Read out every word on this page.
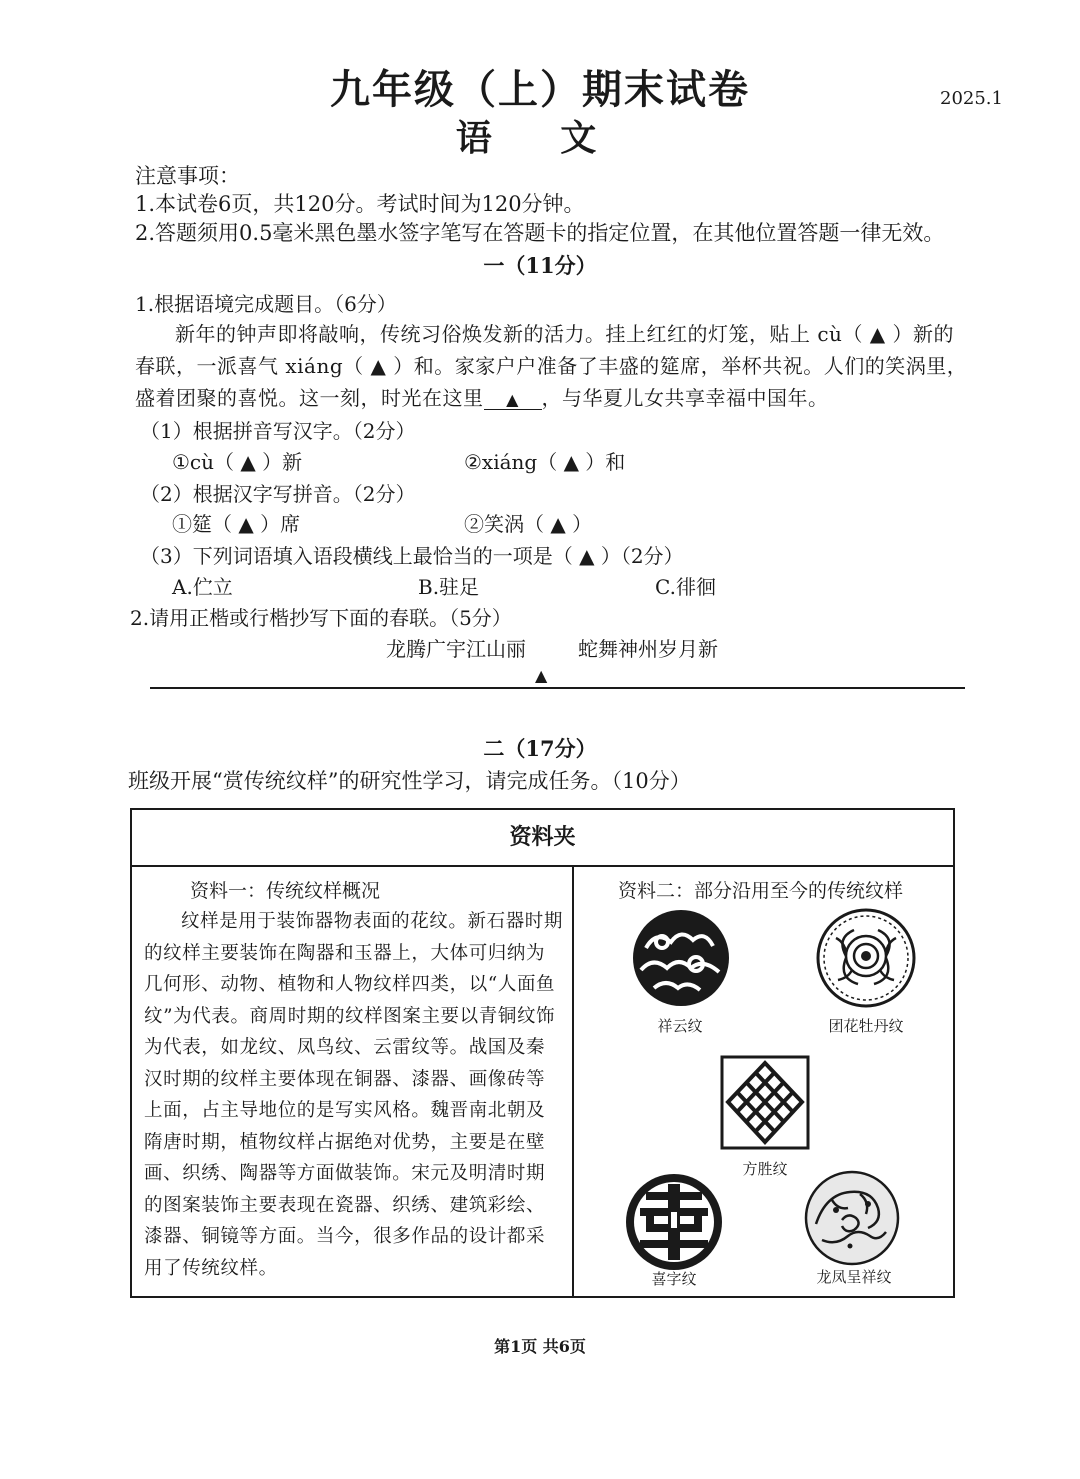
九年级（上）期末试卷
语 文
2025.1
注意事项：
1.本试卷6页，共120分。考试时间为120分钟。
2.答题须用0.5毫米黑色墨水签字笔写在答题卡的指定位置，在其他位置答题一律无效。
一（11分）
1.根据语境完成题目。（6分）
新年的钟声即将敲响，传统习俗焕发新的活力。挂上红红的灯笼，贴上 cù（ ▲ ）新的
春联，一派喜气 xiáng（ ▲ ）和。家家户户准备了丰盛的筵席，举杯共祝。人们的笑涡里，
盛着团聚的喜悦。这一刻，时光在这里 ▲ ，与华夏儿女共享幸福中国年。
（1）根据拼音写汉字。（2分）
①cù（ ▲ ）新	②xiáng（ ▲ ）和
（2）根据汉字写拼音。（2分）
①筵（ ▲ ）席	②笑涡（ ▲ ）
（3）下列词语填入语段横线上最恰当的一项是（ ▲ ）（2分）
A.伫立	B.驻足	C.徘徊
2.请用正楷或行楷抄写下面的春联。（5分）
龙腾广宇江山丽	蛇舞神州岁月新
▲
二（17分）
班级开展“赏传统纹样”的研究性学习，请完成任务。（10分）
资料夹
资料一：传统纹样概况
纹样是用于装饰器物表面的花纹。新石器时期的纹样主要装饰在陶器和玉器上，大体可归纳为几何形、动物、植物和人物纹样四类，以“人面鱼纹”为代表。商周时期的纹样图案主要以青铜纹饰为代表，如龙纹、凤鸟纹、云雷纹等。战国及秦汉时期的纹样主要体现在铜器、漆器、画像砖等上面，占主导地位的是写实风格。魏晋南北朝及隋唐时期，植物纹样占据绝对优势，主要是在壁画、织绣、陶器等方面做装饰。宋元及明清时期的图案装饰主要表现在瓷器、织绣、建筑彩绘、漆器、铜镜等方面。当今，很多作品的设计都采用了传统纹样。
资料二：部分沿用至今的传统纹样
祥云纹	团花牡丹纹
方胜纹
喜字纹	龙凤呈祥纹
第1页 共6页
